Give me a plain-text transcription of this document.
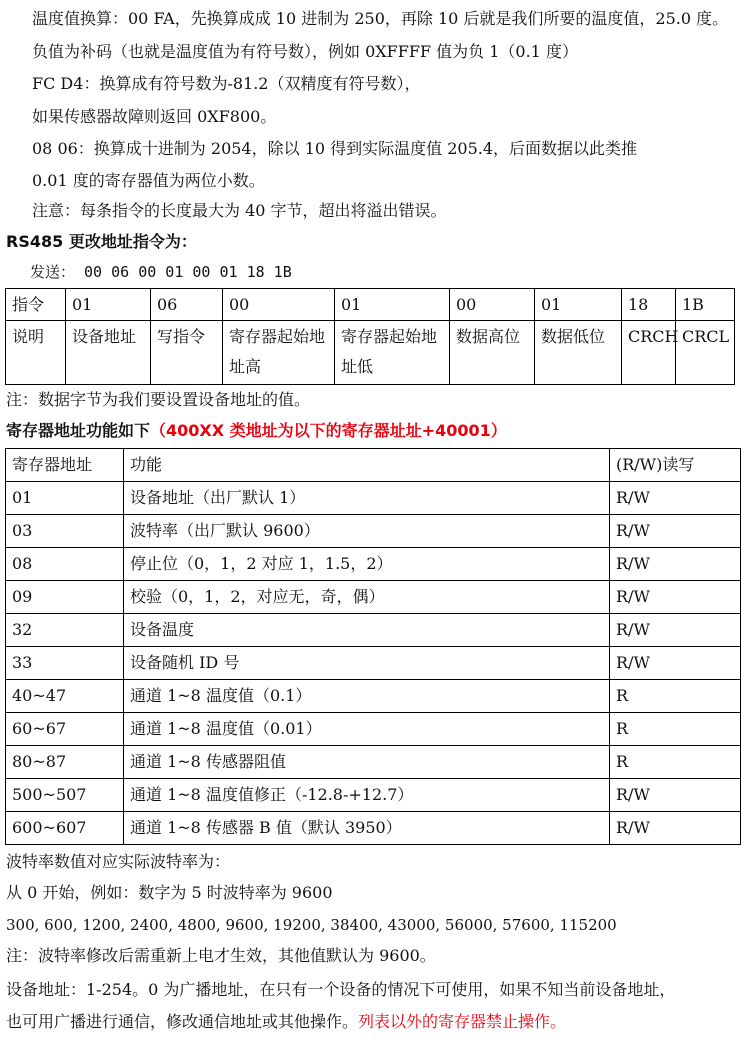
温度值换算：00 FA，先换算成成 10 进制为 250，再除 10 后就是我们所要的温度值，25.0 度。
负值为补码（也就是温度值为有符号数），例如 0XFFFF 值为负 1（0.1 度）
FC D4：换算成有符号数为-81.2（双精度有符号数），
如果传感器故障则返回 0XF800。
08 06：换算成十进制为 2054，除以 10 得到实际温度值 205.4，后面数据以此类推
0.01 度的寄存器值为两位小数。
注意：每条指令的长度最大为 40 字节，超出将溢出错误。
RS485 更改地址指令为：
发送： 00 06 00 01 00 01 18 1B
指令	01	06	00	01	00	01	18	1B
说明	设备地址	写指令	寄存器起始地址高	寄存器起始地址低	数据高位	数据低位	CRCH	CRCL
注：数据字节为我们要设置设备地址的值。
寄存器地址功能如下（400XX 类地址为以下的寄存器址址+40001）
寄存器地址	功能	(R/W)读写
01	设备地址（出厂默认 1）	R/W
03	波特率（出厂默认 9600）	R/W
08	停止位（0，1，2 对应 1，1.5，2）	R/W
09	校验（0，1，2，对应无，奇，偶）	R/W
32	设备温度	R/W
33	设备随机 ID 号	R/W
40~47	通道 1~8 温度值（0.1）	R
60~67	通道 1~8 温度值（0.01）	R
80~87	通道 1~8 传感器阻值	R
500~507	通道 1~8 温度值修正（-12.8-+12.7）	R/W
600~607	通道 1~8 传感器 B 值（默认 3950）	R/W
波特率数值对应实际波特率为：
从 0 开始，例如：数字为 5 时波特率为 9600
300, 600, 1200, 2400, 4800, 9600, 19200, 38400, 43000, 56000, 57600, 115200
注：波特率修改后需重新上电才生效，其他值默认为 9600。
设备地址：1-254。0 为广播地址，在只有一个设备的情况下可使用，如果不知当前设备地址，
也可用广播进行通信，修改通信地址或其他操作。列表以外的寄存器禁止操作。
